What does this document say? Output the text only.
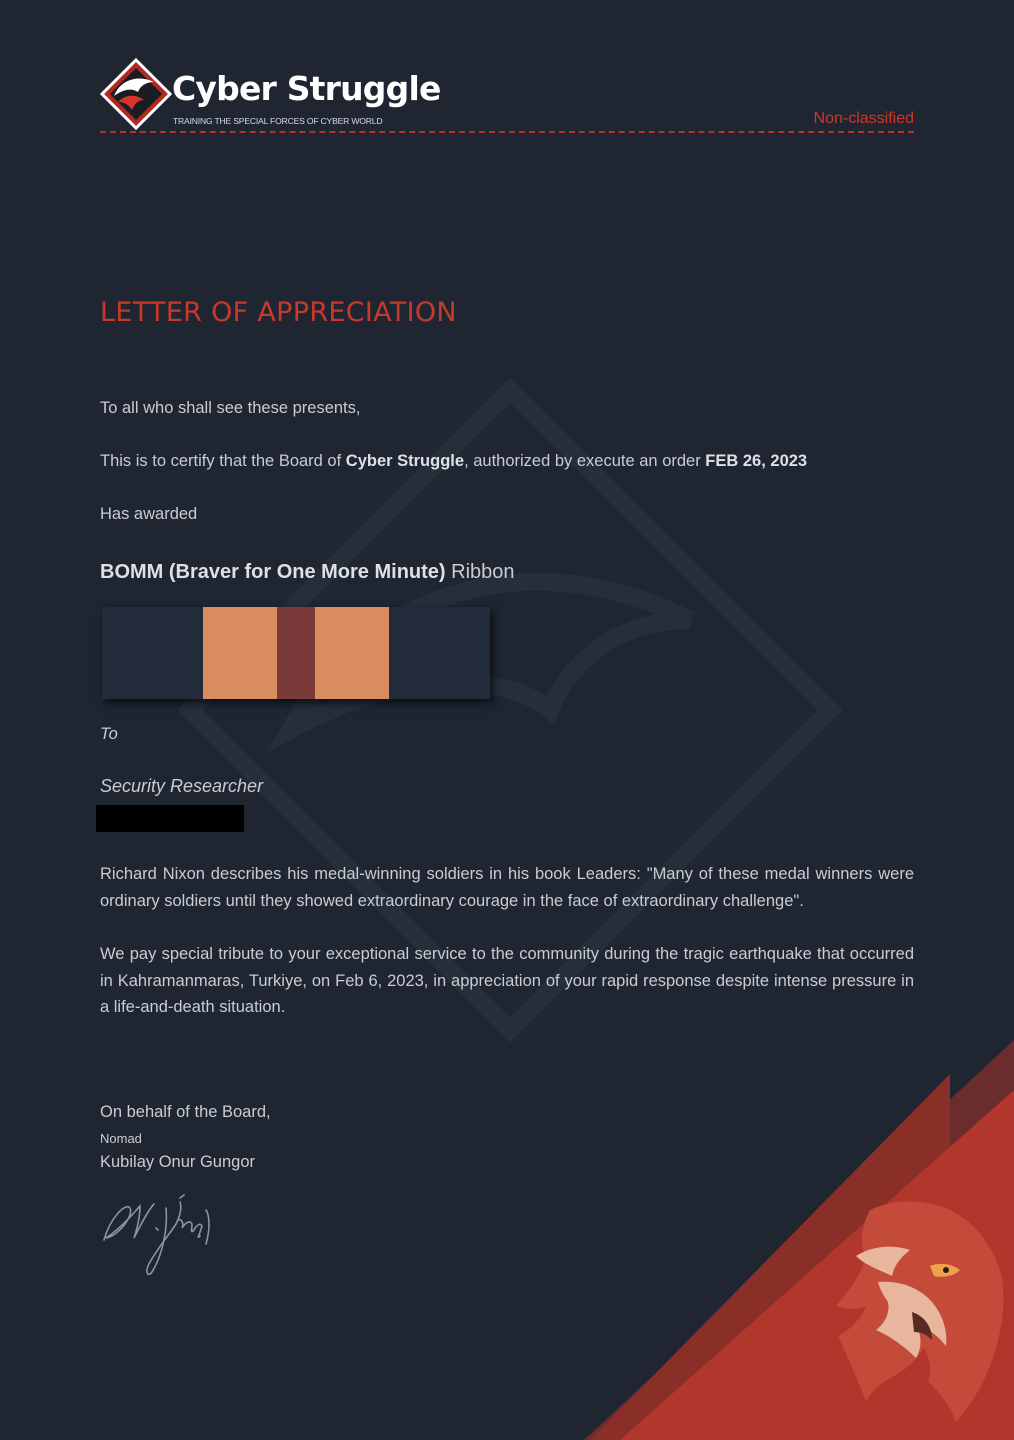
Cyber Struggle
TRAINING THE SPECIAL FORCES OF CYBER WORLD	Non-classified
LETTER OF APPRECIATION
To all who shall see these presents,
This is to certify that the Board of Cyber Struggle, authorized by execute an order FEB 26, 2023
Has awarded
BOMM (Braver for One More Minute) Ribbon
To
Security Researcher

Richard Nixon describes his medal-winning soldiers in his book Leaders: "Many of these medal winners were ordinary soldiers until they showed extraordinary courage in the face of extraordinary challenge".

We pay special tribute to your exceptional service to the community during the tragic earthquake that occurred in Kahramanmaras, Turkiye, on Feb 6, 2023, in appreciation of your rapid response despite intense pressure in a life-and-death situation.

On behalf of the Board,
Nomad
Kubilay Onur Gungor
